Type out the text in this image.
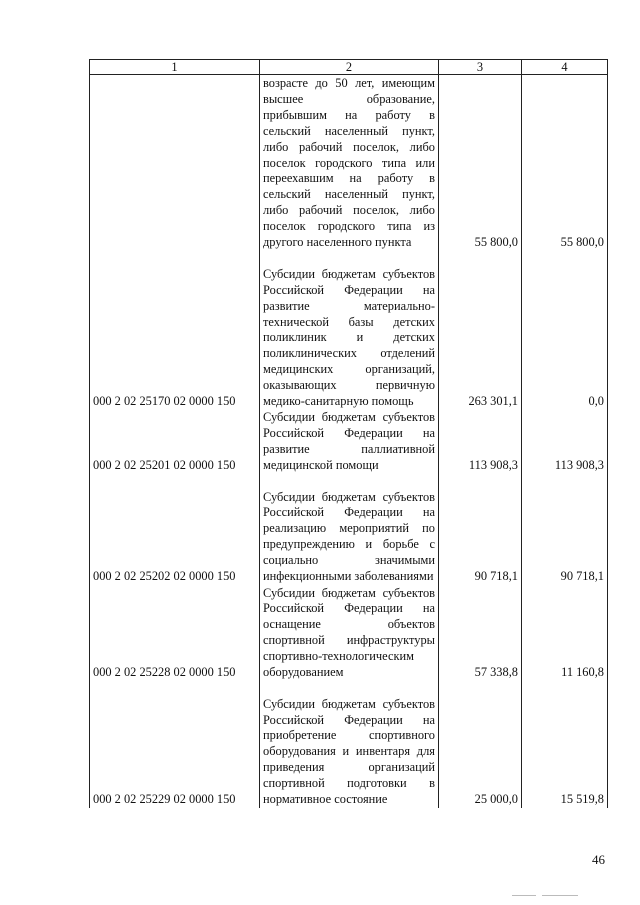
1	2	3	4
	возрасте до 50 лет, имеющим высшее образование, прибывшим на работу в сельский населенный пункт, либо рабочий поселок, либо поселок городского типа или переехавшим на работу в сельский населенный пункт, либо рабочий поселок, либо поселок городского типа из другого населенного пункта	55 800,0	55 800,0
000 2 02 25170 02 0000 150	Субсидии бюджетам субъектов Российской Федерации на развитие материально-технической базы детских поликлиник и детских поликлинических отделений медицинских организаций, оказывающих первичную медико-санитарную помощь	263 301,1	0,0
000 2 02 25201 02 0000 150	Субсидии бюджетам субъектов Российской Федерации на развитие паллиативной медицинской помощи	113 908,3	113 908,3
000 2 02 25202 02 0000 150	Субсидии бюджетам субъектов Российской Федерации на реализацию мероприятий по предупреждению и борьбе с социально значимыми инфекционными заболеваниями	90 718,1	90 718,1
000 2 02 25228 02 0000 150	Субсидии бюджетам субъектов Российской Федерации на оснащение объектов спортивной инфраструктуры спортивно-технологическим оборудованием	57 338,8	11 160,8
000 2 02 25229 02 0000 150	Субсидии бюджетам субъектов Российской Федерации на приобретение спортивного оборудования и инвентаря для приведения организаций спортивной подготовки в нормативное состояние	25 000,0	15 519,8
46
